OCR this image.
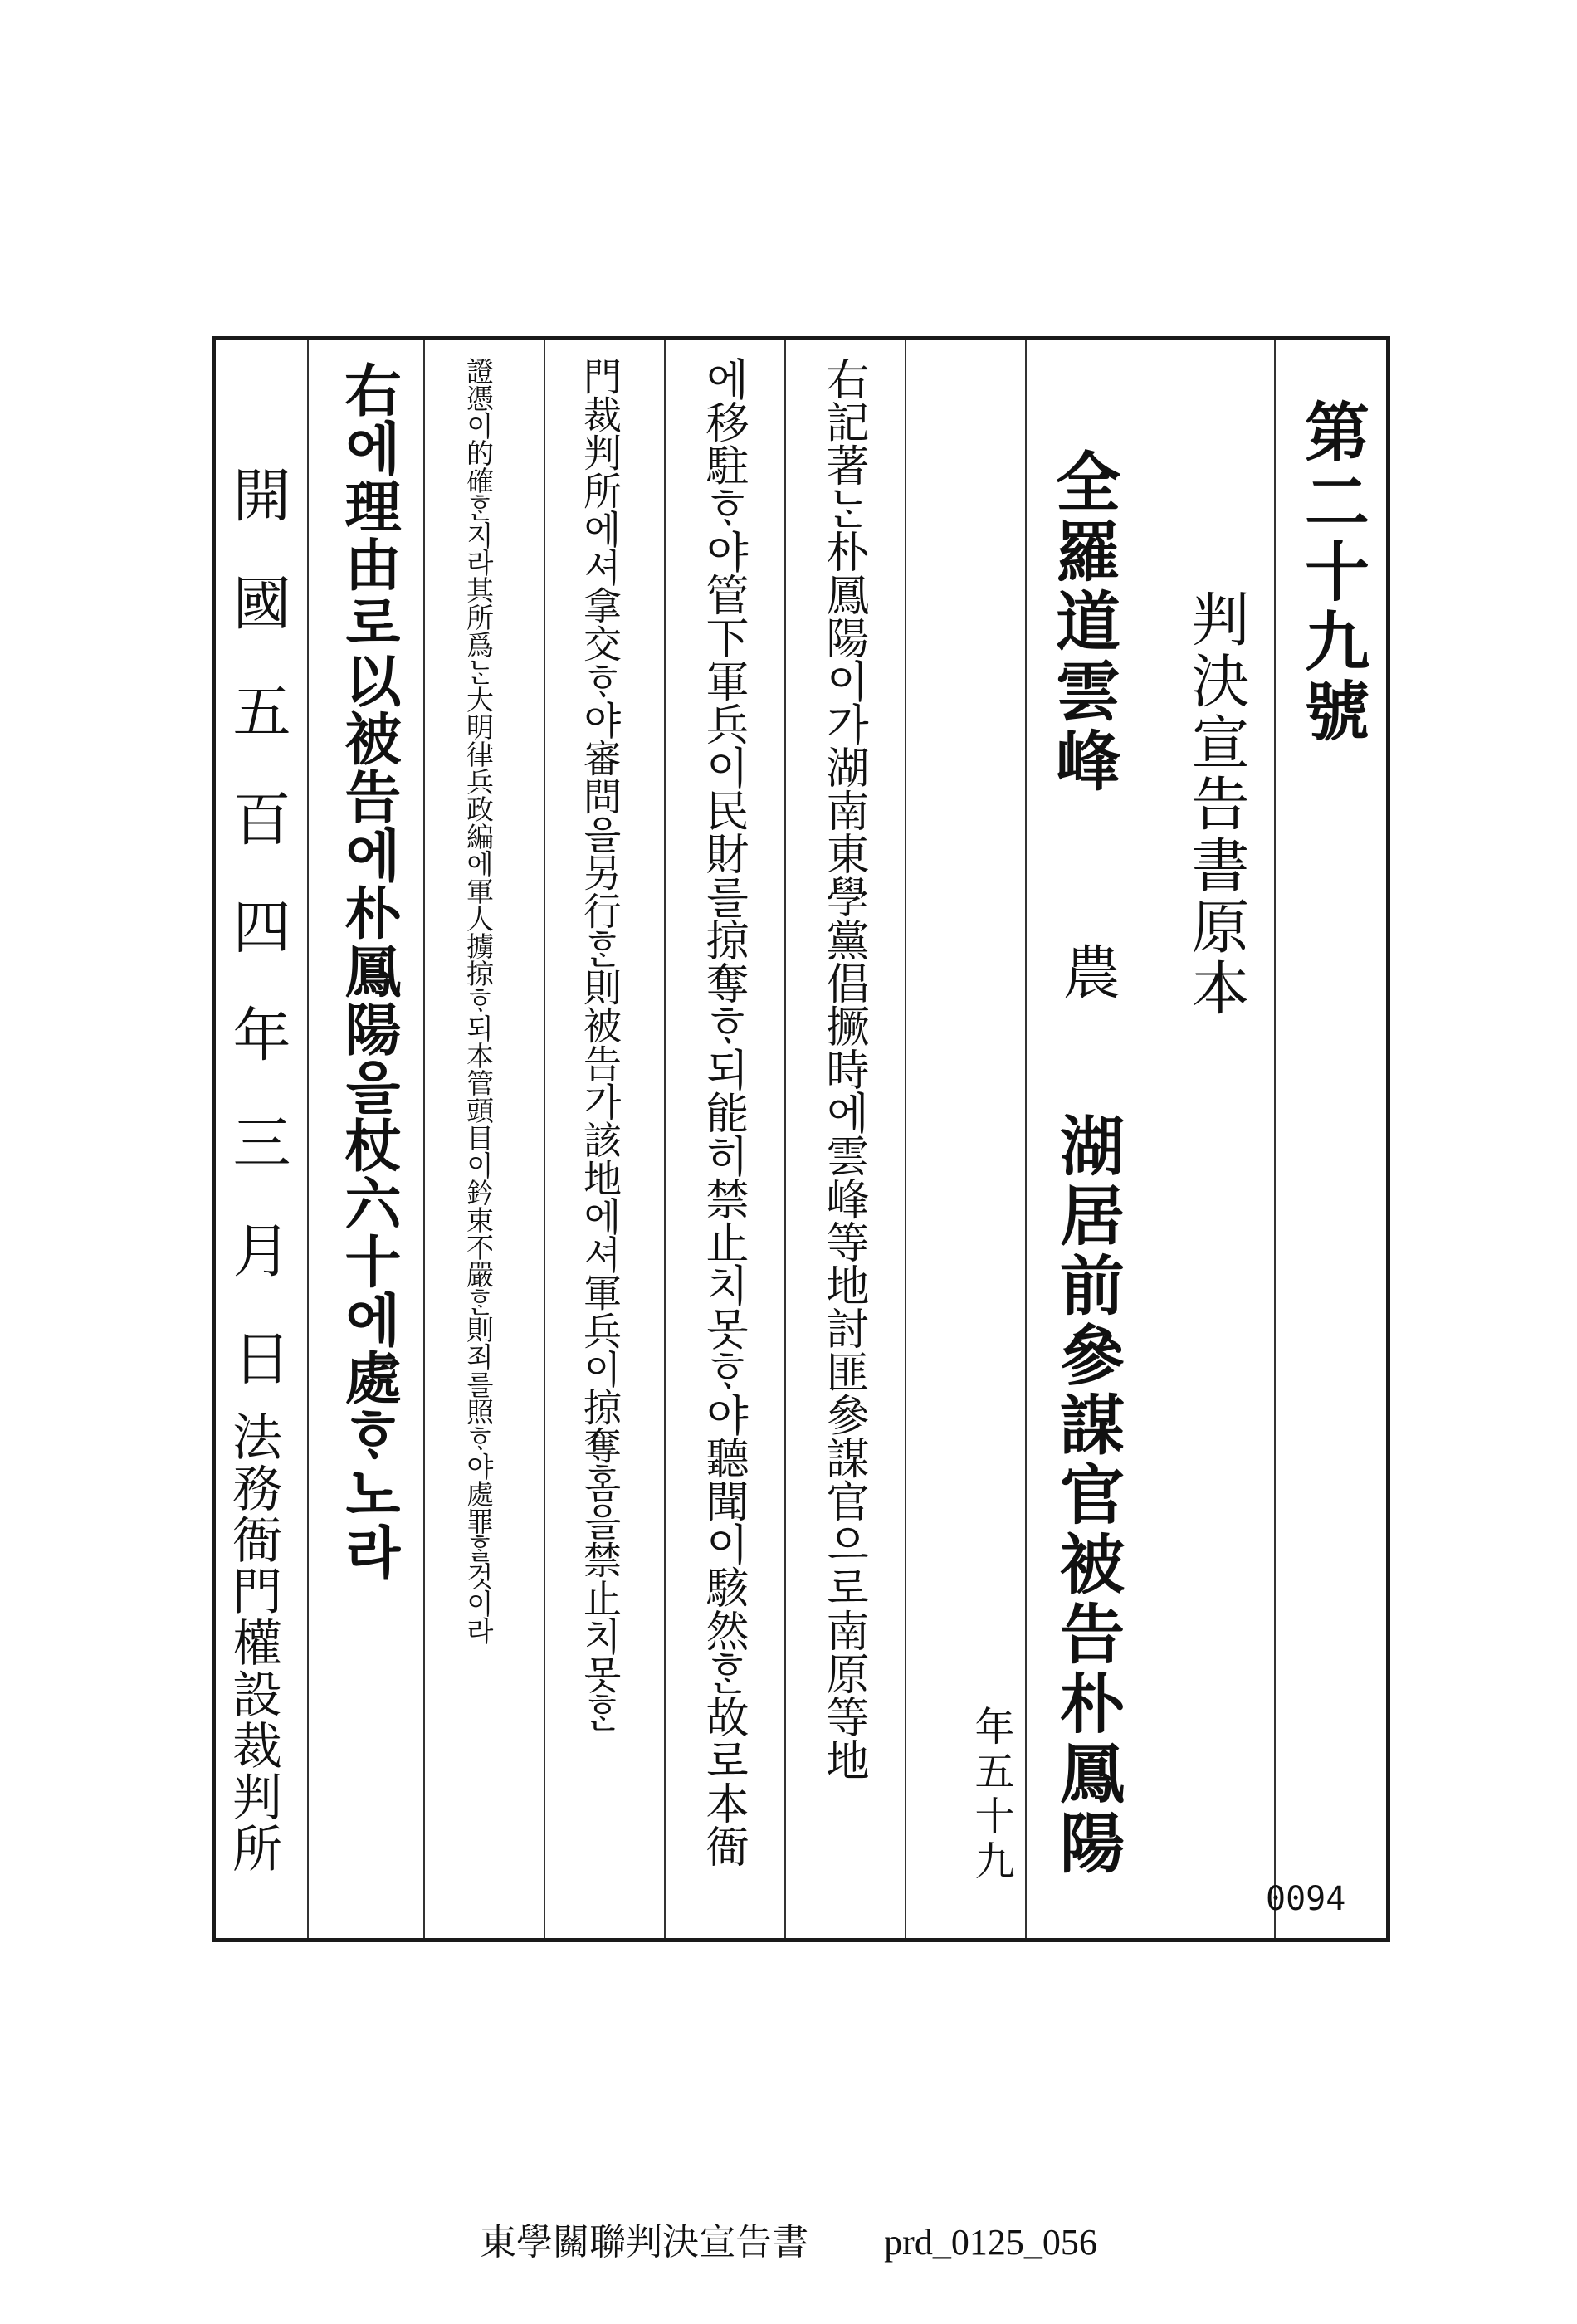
第二十九號
判決宣告書原本
全羅道雲峰
農
湖居前參謀官被告朴鳳陽
年五十九
0094
右記著ᄂᆞᆫ朴鳳陽이가湖南東學黨倡撅時에雲峰等地討匪參謀官으로南原等地
에移駐ᄒᆞ야管下軍兵이民財를掠奪ᄒᆞ되能히禁止치못ᄒᆞ야聽聞이駭然ᄒᆞᆫ故로本衙
門裁判所에셔拿交ᄒᆞ야審問을另行ᄒᆞᆫ則被告가該地에셔軍兵이掠奪홈을禁止치못ᄒᆞᆫ
證憑이的確ᄒᆞᆫ지라其所爲ᄂᆞᆫ大明律兵政編에軍人擄掠ᄒᆞ되本管頭目이鈐束不嚴ᄒᆞᆫ則죄를照ᄒᆞ야處罪ᄒᆞᆯ것이라
右에理由로以被告에朴鳳陽을杖六十에處ᄒᆞ노라
開國五百四年三月日
法務衙門權設裁判所
東學關聯判決宣告書 prd_0125_056
